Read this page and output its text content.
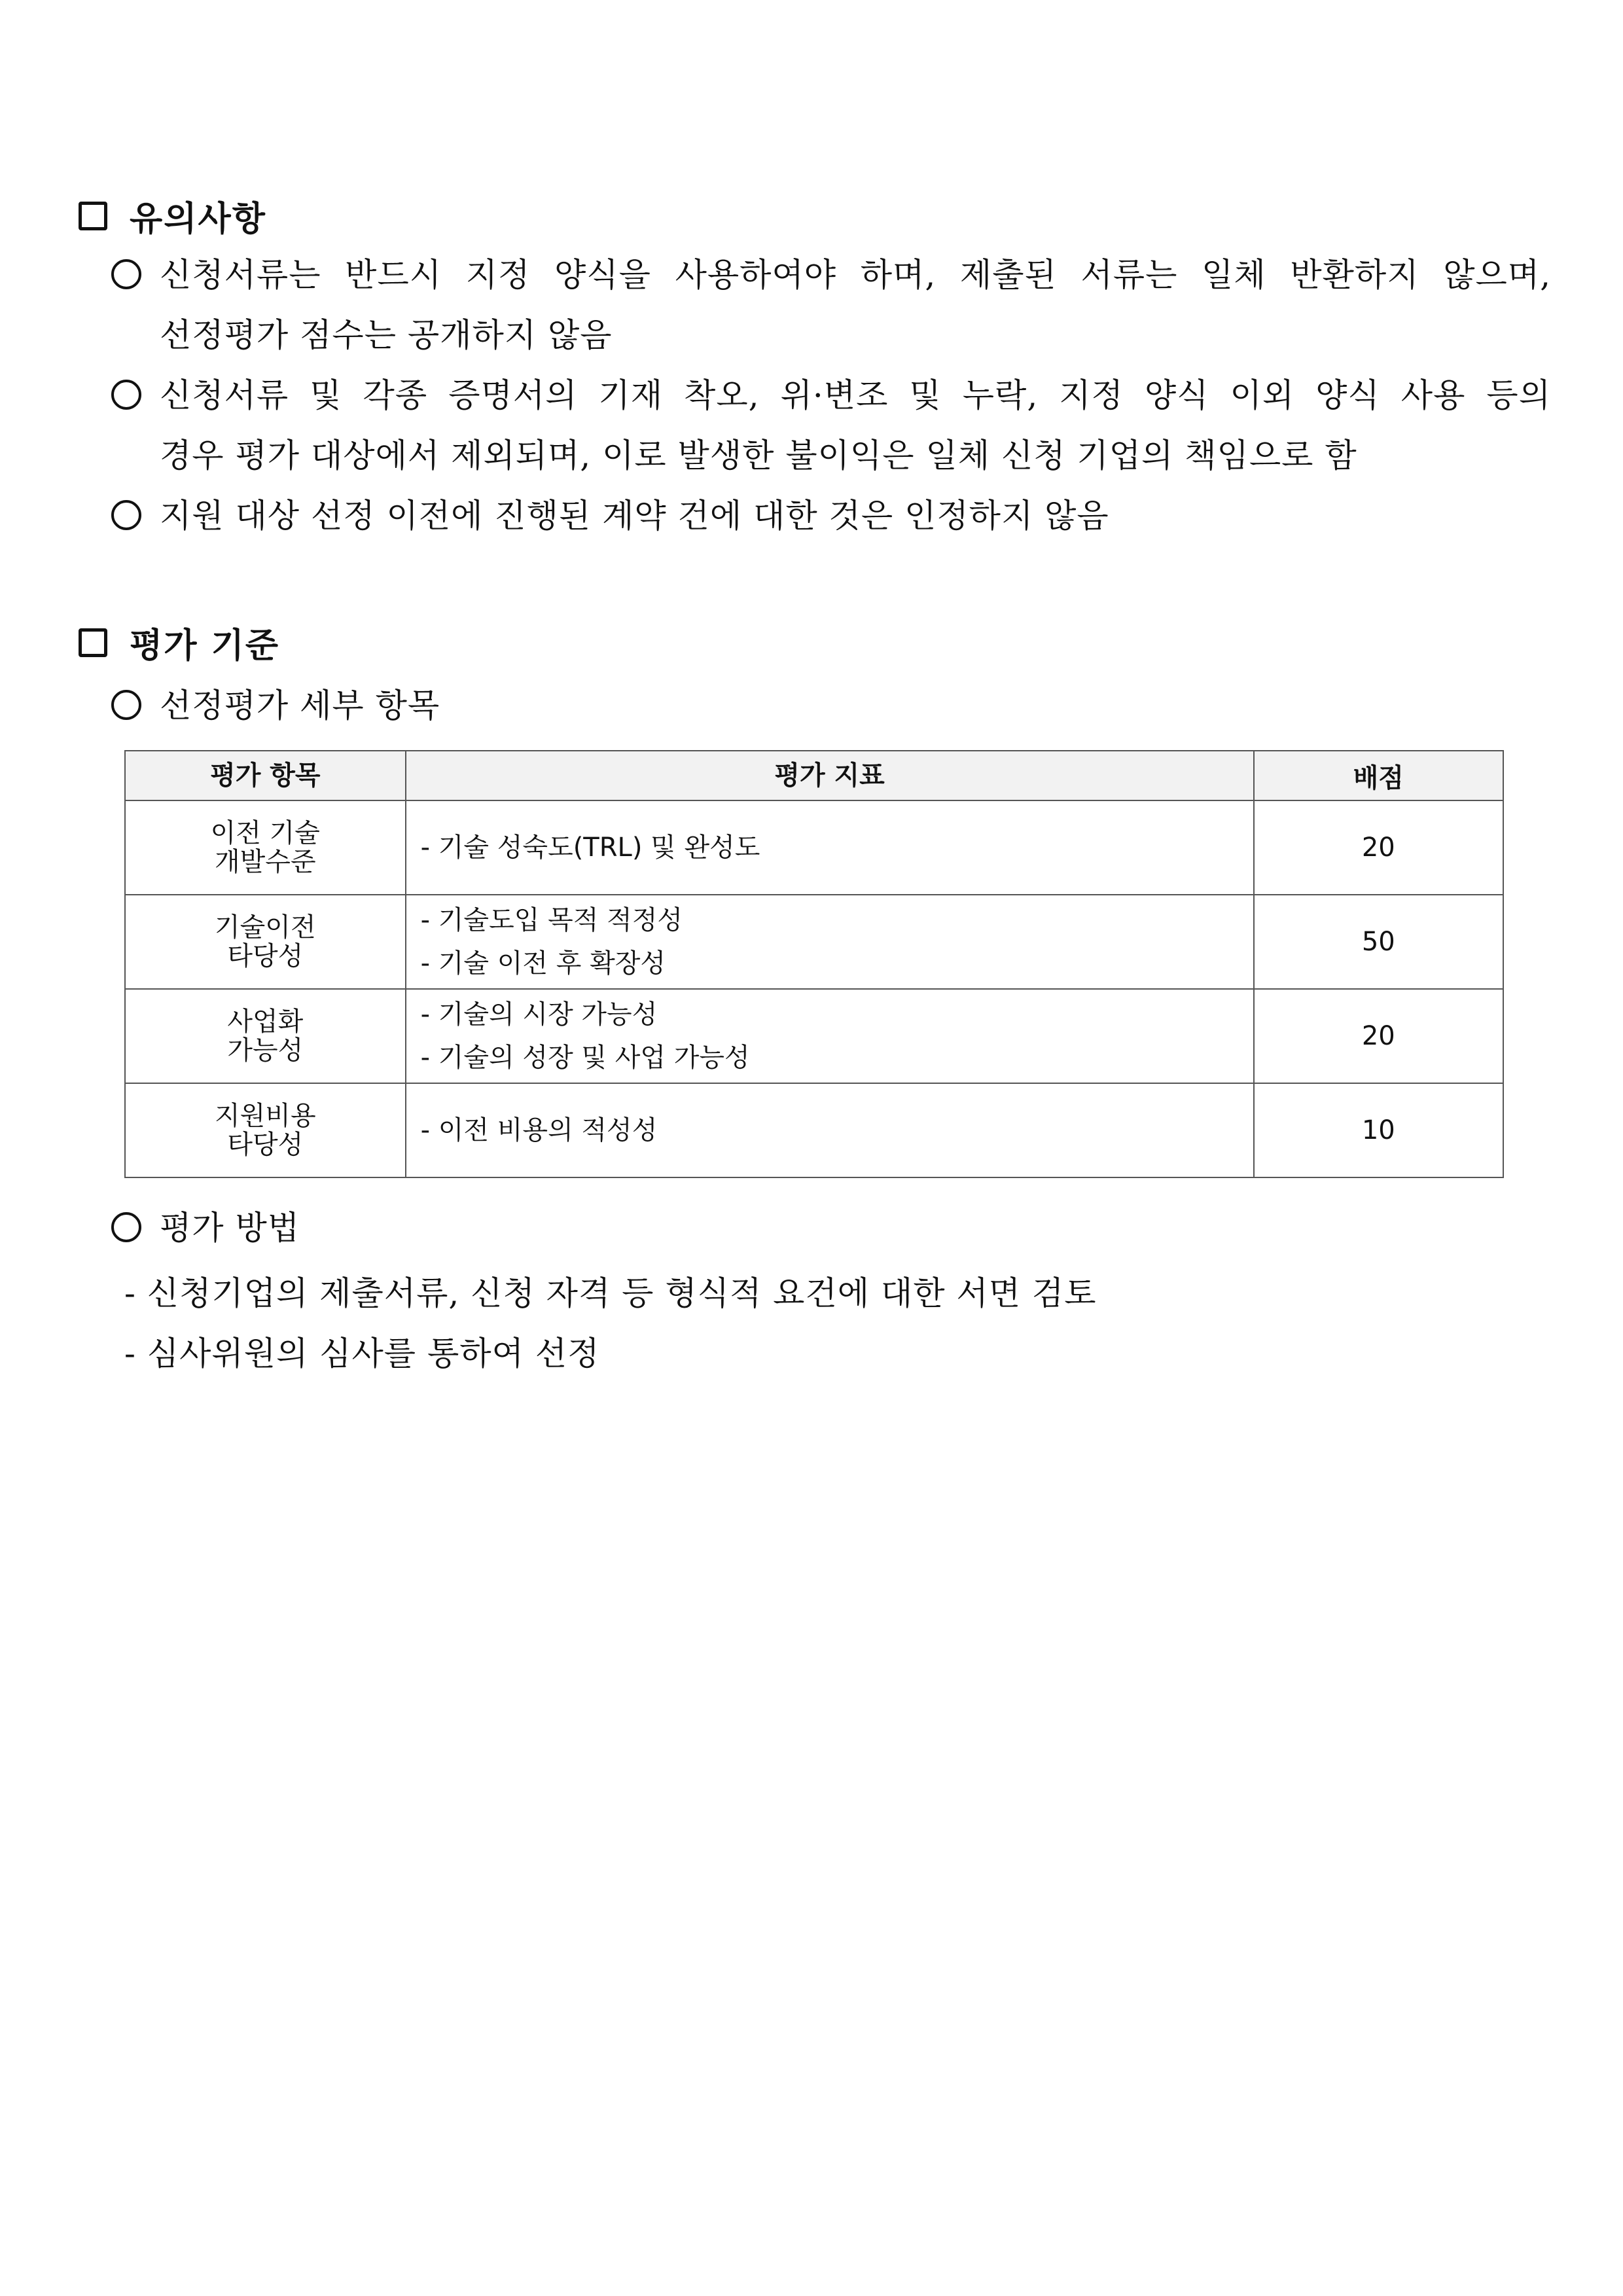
유의사항
신청서류는 반드시 지정 양식을 사용하여야 하며, 제출된 서류는 일체 반환하지 않으며,
선정평가 점수는 공개하지 않음
신청서류 및 각종 증명서의 기재 착오, 위·변조 및 누락, 지정 양식 이외 양식 사용 등의
경우 평가 대상에서 제외되며, 이로 발생한 불이익은 일체 신청 기업의 책임으로 함
지원 대상 선정 이전에 진행된 계약 건에 대한 것은 인정하지 않음
평가 기준
선정평가 세부 항목
평가 항목	평가 지표	배점

이전 기술
개발수준	- 기술 성숙도(TRL) 및 완성도	20

기술이전
타당성	- 기술도입 목적 적정성
- 기술 이전 후 확장성	50

사업화
가능성	- 기술의 시장 가능성
- 기술의 성장 및 사업 가능성	20

지원비용
타당성	- 이전 비용의 적성성	10
평가 방법
- 신청기업의 제출서류, 신청 자격 등 형식적 요건에 대한 서면 검토
- 심사위원의 심사를 통하여 선정
